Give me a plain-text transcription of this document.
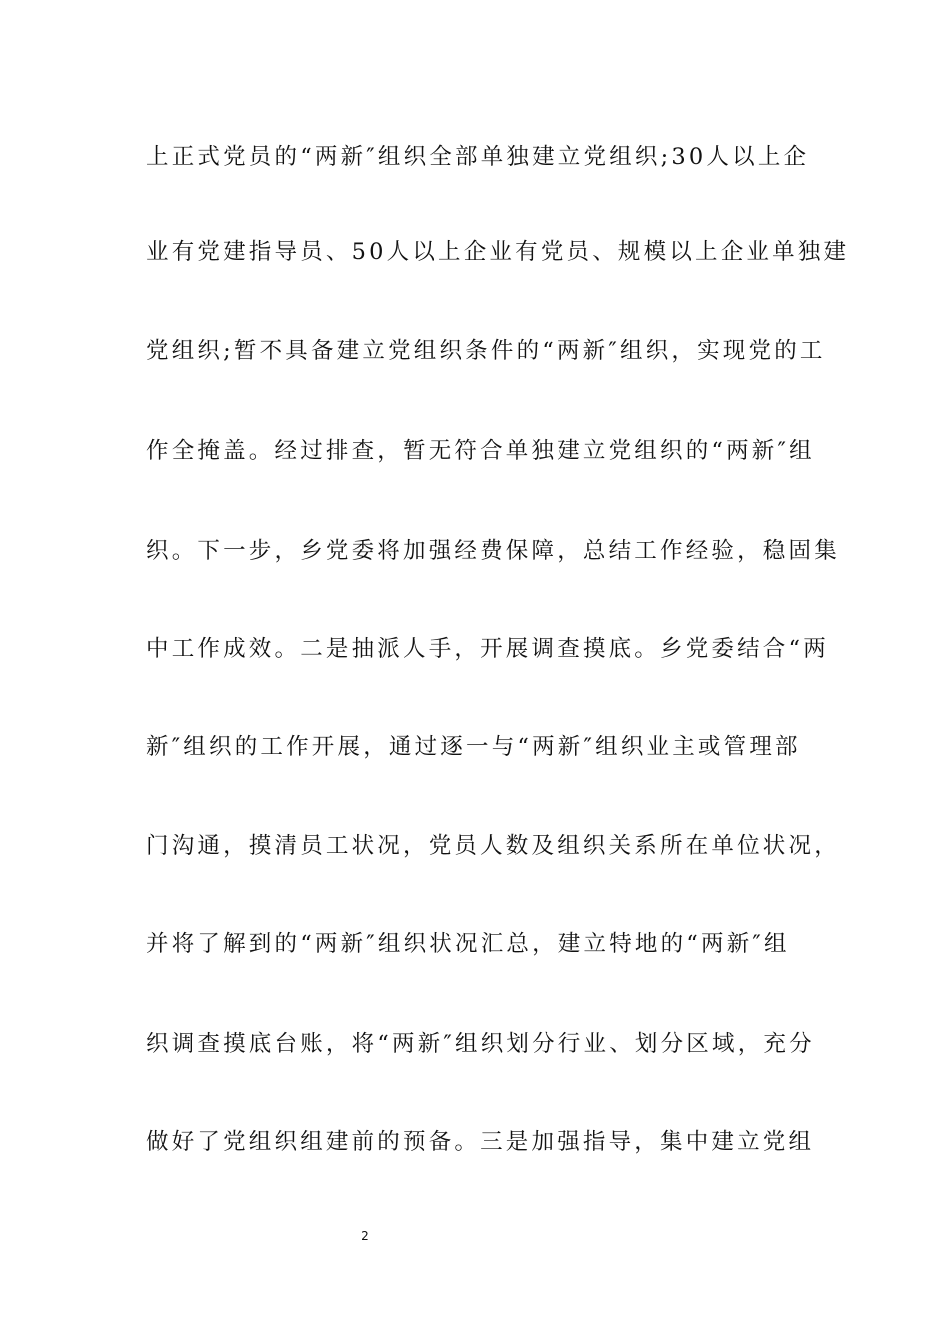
上正式党员的“两新″组织全部单独建立党组织;30人以上企
业有党建指导员、50人以上企业有党员、规模以上企业单独建
党组织;暂不具备建立党组织条件的“两新″组织，实现党的工
作全掩盖。经过排查，暂无符合单独建立党组织的“两新″组
织。下一步，乡党委将加强经费保障，总结工作经验，稳固集
中工作成效。二是抽派人手，开展调查摸底。乡党委结合“两
新″组织的工作开展，通过逐一与“两新″组织业主或管理部
门沟通，摸清员工状况，党员人数及组织关系所在单位状况，
并将了解到的“两新″组织状况汇总，建立特地的“两新″组
织调查摸底台账，将“两新″组织划分行业、划分区域，充分
做好了党组织组建前的预备。三是加强指导，集中建立党组
2
